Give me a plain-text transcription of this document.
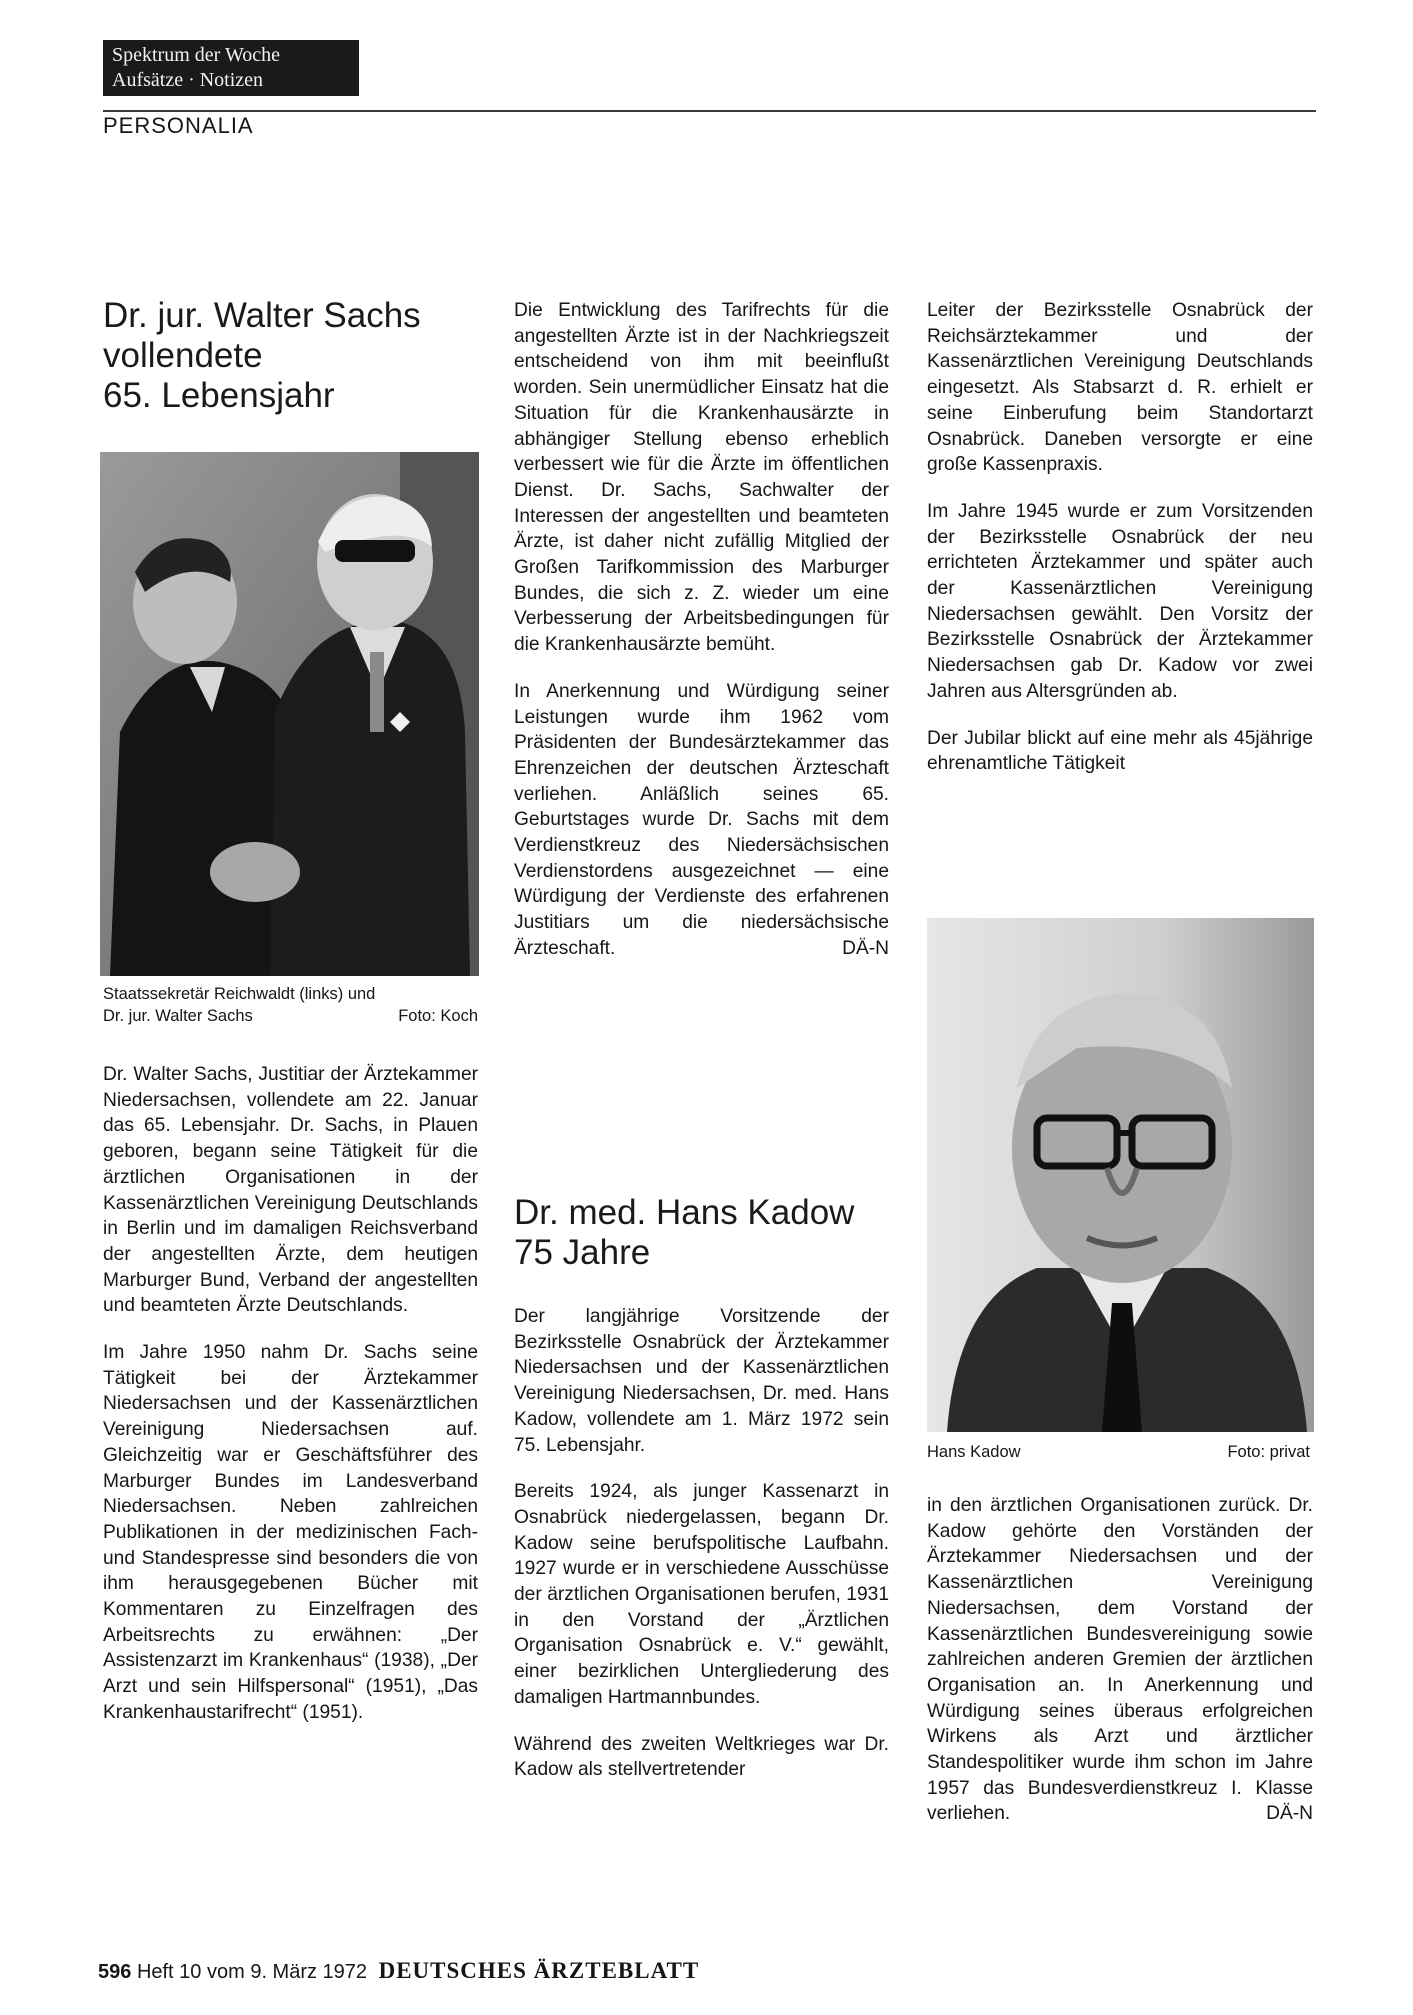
Spektrum der Woche
Aufsätze · Notizen
PERSONALIA
Dr. jur. Walter Sachs
vollendete
65. Lebensjahr
Staatssekretär Reichwaldt (links) und
Dr. jur. Walter Sachs	Foto: Koch

Dr. Walter Sachs, Justitiar der Ärztekammer Niedersachsen, vollendete am 22. Januar das 65. Lebensjahr. Dr. Sachs, in Plauen geboren, begann seine Tätigkeit für die ärztlichen Organisationen in der Kassenärztlichen Vereinigung Deutschlands in Berlin und im damaligen Reichsverband der angestellten Ärzte, dem heutigen Marburger Bund, Verband der angestellten und beamteten Ärzte Deutschlands.

Im Jahre 1950 nahm Dr. Sachs seine Tätigkeit bei der Ärztekammer Niedersachsen und der Kassenärztlichen Vereinigung Niedersachsen auf. Gleichzeitig war er Geschäftsführer des Marburger Bundes im Landesverband Niedersachsen. Neben zahlreichen Publikationen in der medizinischen Fach- und Standespresse sind besonders die von ihm herausgegebenen Bücher mit Kommentaren zu Einzelfragen des Arbeitsrechts zu erwähnen: „Der Assistenzarzt im Krankenhaus“ (1938), „Der Arzt und sein Hilfspersonal“ (1951), „Das Krankenhaustarifrecht“ (1951).

Die Entwicklung des Tarifrechts für die angestellten Ärzte ist in der Nachkriegszeit entscheidend von ihm mit beeinflußt worden. Sein unermüdlicher Einsatz hat die Situation für die Krankenhausärzte in abhängiger Stellung ebenso erheblich verbessert wie für die Ärzte im öffentlichen Dienst. Dr. Sachs, Sachwalter der Interessen der angestellten und beamteten Ärzte, ist daher nicht zufällig Mitglied der Großen Tarifkommission des Marburger Bundes, die sich z. Z. wieder um eine Verbesserung der Arbeitsbedingungen für die Krankenhausärzte bemüht.

In Anerkennung und Würdigung seiner Leistungen wurde ihm 1962 vom Präsidenten der Bundesärztekammer das Ehrenzeichen der deutschen Ärzteschaft verliehen. Anläßlich seines 65. Geburtstages wurde Dr. Sachs mit dem Verdienstkreuz des Niedersächsischen Verdienstordens ausgezeichnet — eine Würdigung der Verdienste des erfahrenen Justitiars um die niedersächsische Ärzteschaft.	DÄ-N

Dr. med. Hans Kadow
75 Jahre

Der langjährige Vorsitzende der Bezirksstelle Osnabrück der Ärztekammer Niedersachsen und der Kassenärztlichen Vereinigung Niedersachsen, Dr. med. Hans Kadow, vollendete am 1. März 1972 sein 75. Lebensjahr.

Bereits 1924, als junger Kassenarzt in Osnabrück niedergelassen, begann Dr. Kadow seine berufspolitische Laufbahn. 1927 wurde er in verschiedene Ausschüsse der ärztlichen Organisationen berufen, 1931 in den Vorstand der „Ärztlichen Organisation Osnabrück e. V.“ gewählt, einer bezirklichen Untergliederung des damaligen Hartmannbundes.

Während des zweiten Weltkrieges war Dr. Kadow als stellvertretender

Leiter der Bezirksstelle Osnabrück der Reichsärztekammer und der Kassenärztlichen Vereinigung Deutschlands eingesetzt. Als Stabsarzt d. R. erhielt er seine Einberufung beim Standortarzt Osnabrück. Daneben versorgte er eine große Kassenpraxis.

Im Jahre 1945 wurde er zum Vorsitzenden der Bezirksstelle Osnabrück der neu errichteten Ärztekammer und später auch der Kassenärztlichen Vereinigung Niedersachsen gewählt. Den Vorsitz der Bezirksstelle Osnabrück der Ärztekammer Niedersachsen gab Dr. Kadow vor zwei Jahren aus Altersgründen ab.

Der Jubilar blickt auf eine mehr als 45jährige ehrenamtliche Tätigkeit

Hans Kadow	Foto: privat

in den ärztlichen Organisationen zurück. Dr. Kadow gehörte den Vorständen der Ärztekammer Niedersachsen und der Kassenärztlichen Vereinigung Niedersachsen, dem Vorstand der Kassenärztlichen Bundesvereinigung sowie zahlreichen anderen Gremien der ärztlichen Organisation an. In Anerkennung und Würdigung seines überaus erfolgreichen Wirkens als Arzt und ärztlicher Standespolitiker wurde ihm schon im Jahre 1957 das Bundesverdienstkreuz I. Klasse verliehen.	DÄ-N

596 Heft 10 vom 9. März 1972 DEUTSCHES ÄRZTEBLATT
